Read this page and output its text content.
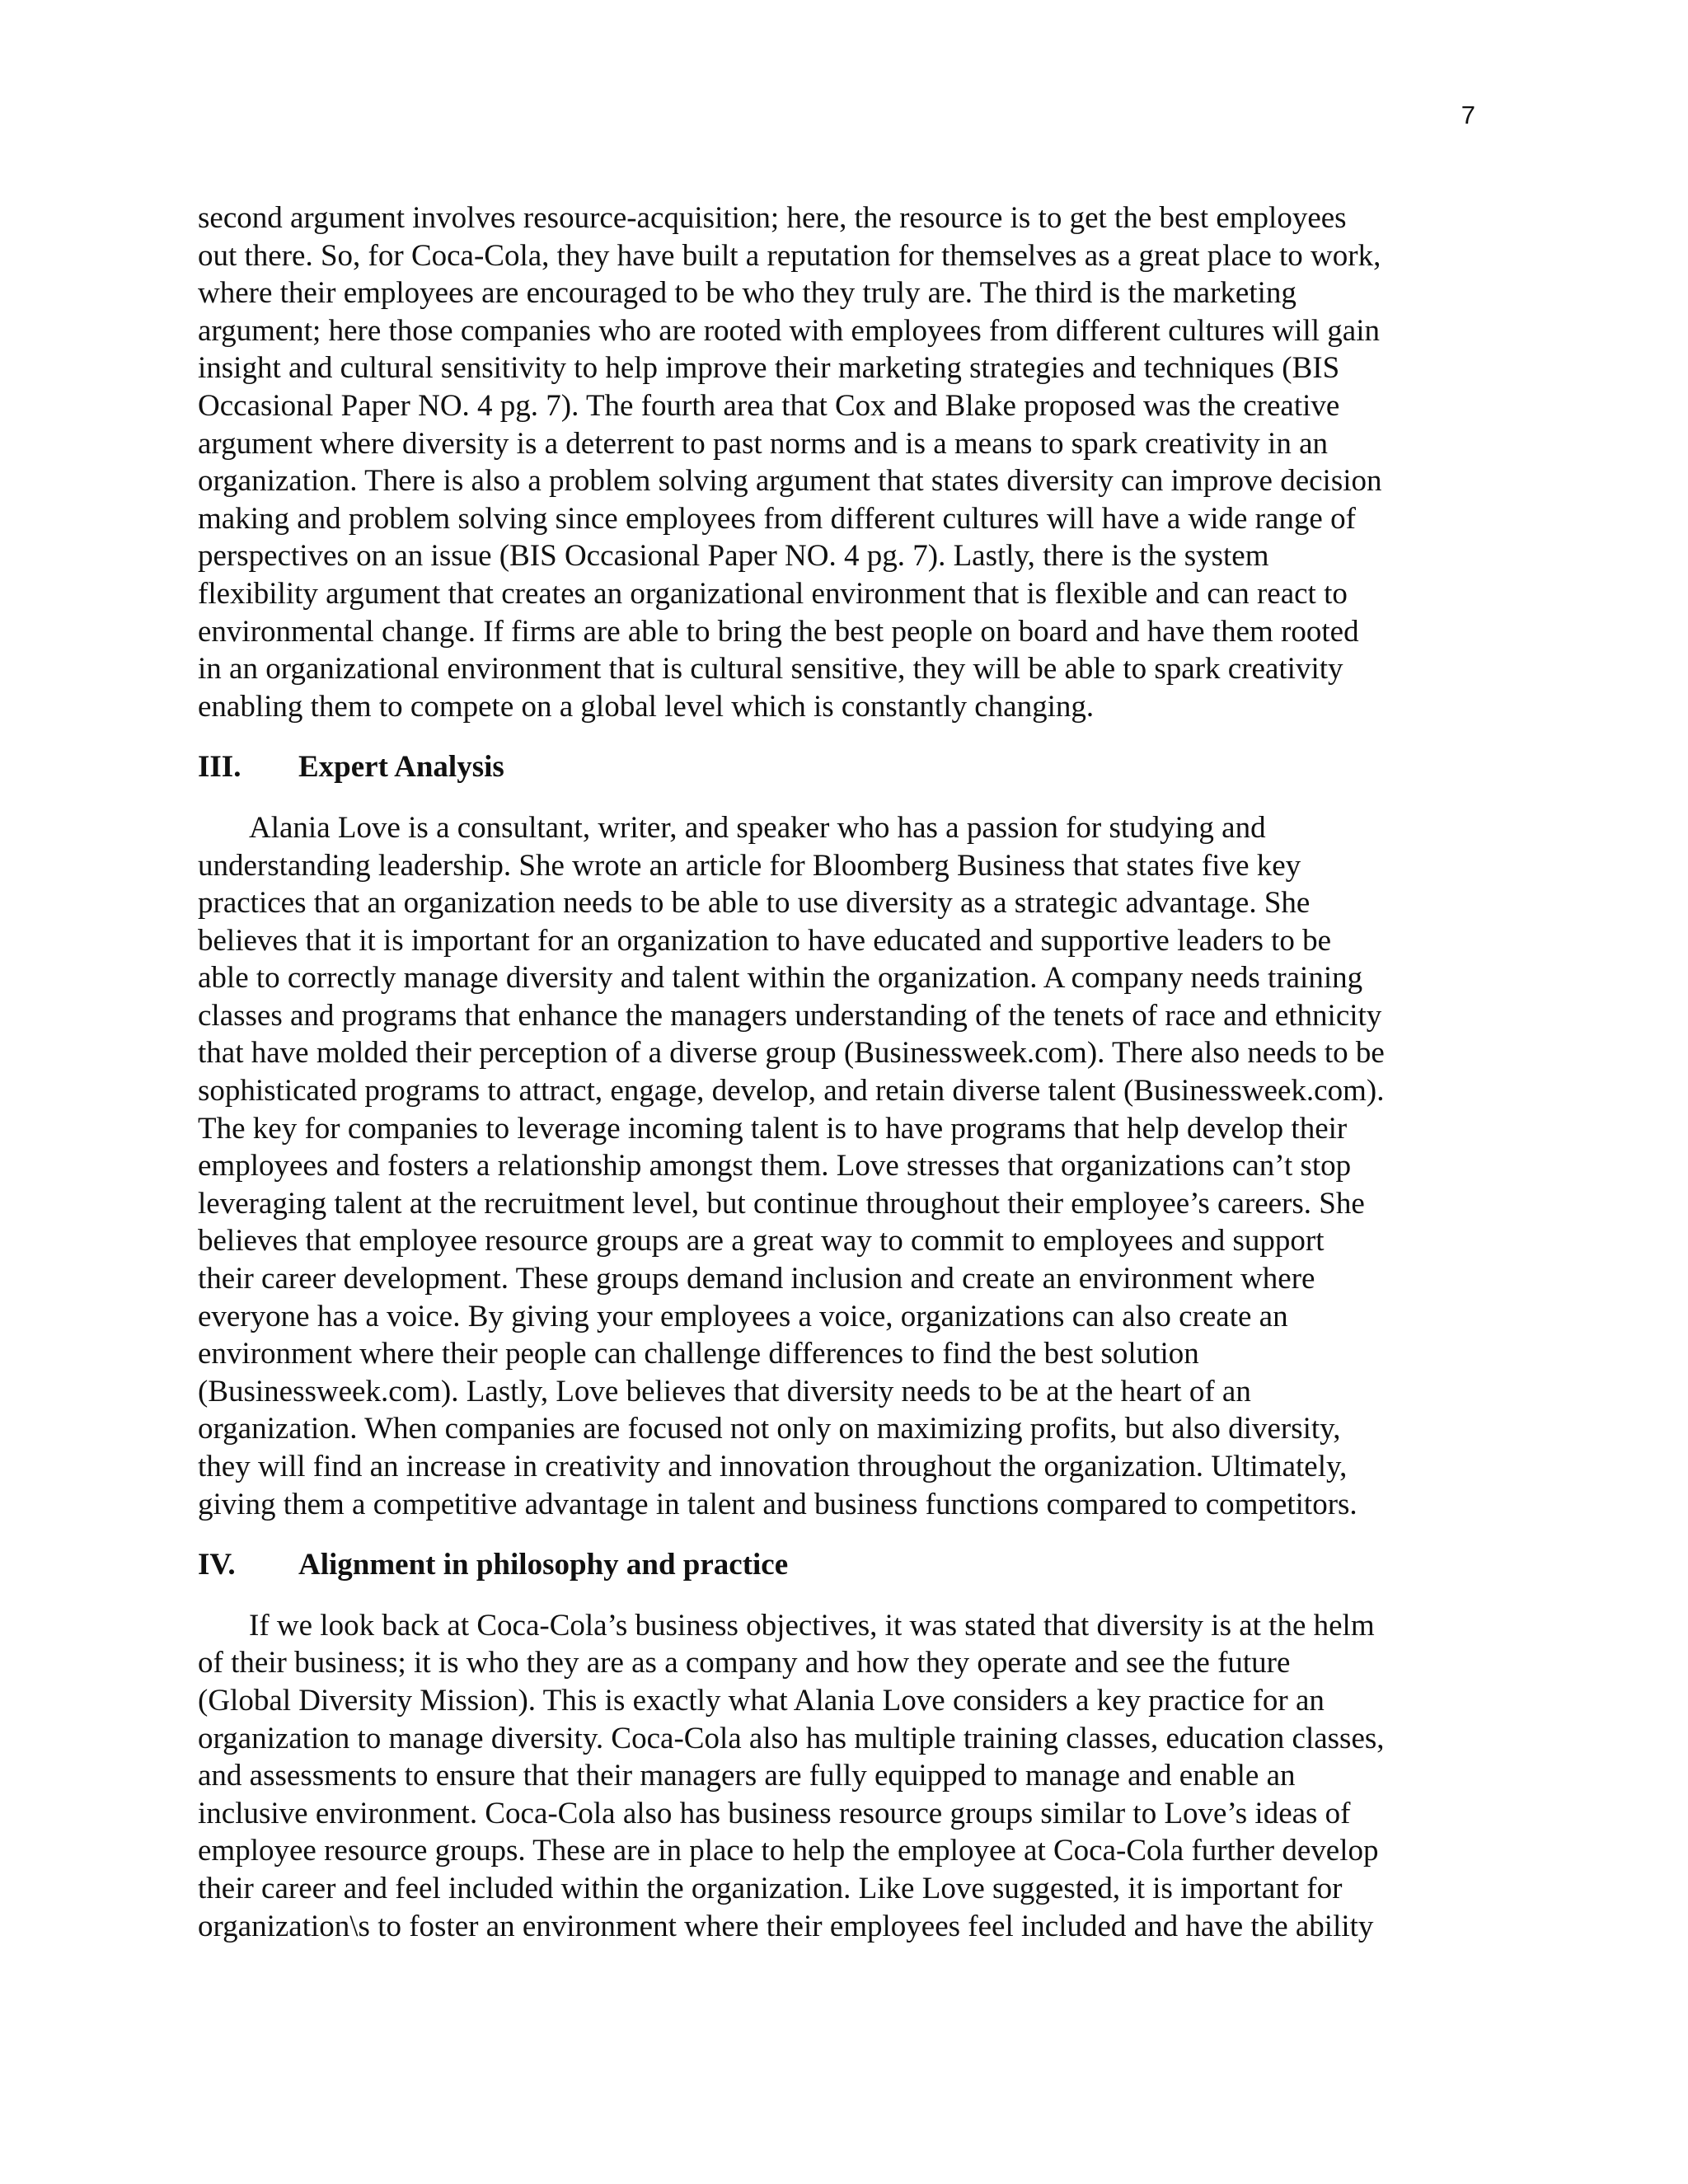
7
second argument involves resource-acquisition; here, the resource is to get the best employees
out there. So, for Coca-Cola, they have built a reputation for themselves as a great place to work,
where their employees are encouraged to be who they truly are. The third is the marketing
argument; here those companies who are rooted with employees from different cultures will gain
insight and cultural sensitivity to help improve their marketing strategies and techniques (BIS
Occasional Paper NO. 4 pg. 7). The fourth area that Cox and Blake proposed was the creative
argument where diversity is a deterrent to past norms and is a means to spark creativity in an
organization. There is also a problem solving argument that states diversity can improve decision
making and problem solving since employees from different cultures will have a wide range of
perspectives on an issue (BIS Occasional Paper NO. 4 pg. 7). Lastly, there is the system
flexibility argument that creates an organizational environment that is flexible and can react to
environmental change. If firms are able to bring the best people on board and have them rooted
in an organizational environment that is cultural sensitive, they will be able to spark creativity
enabling them to compete on a global level which is constantly changing.
III. Expert Analysis
Alania Love is a consultant, writer, and speaker who has a passion for studying and
understanding leadership. She wrote an article for Bloomberg Business that states five key
practices that an organization needs to be able to use diversity as a strategic advantage. She
believes that it is important for an organization to have educated and supportive leaders to be
able to correctly manage diversity and talent within the organization. A company needs training
classes and programs that enhance the managers understanding of the tenets of race and ethnicity
that have molded their perception of a diverse group (Businessweek.com). There also needs to be
sophisticated programs to attract, engage, develop, and retain diverse talent (Businessweek.com).
The key for companies to leverage incoming talent is to have programs that help develop their
employees and fosters a relationship amongst them. Love stresses that organizations can’t stop
leveraging talent at the recruitment level, but continue throughout their employee’s careers. She
believes that employee resource groups are a great way to commit to employees and support
their career development. These groups demand inclusion and create an environment where
everyone has a voice. By giving your employees a voice, organizations can also create an
environment where their people can challenge differences to find the best solution
(Businessweek.com). Lastly, Love believes that diversity needs to be at the heart of an
organization. When companies are focused not only on maximizing profits, but also diversity,
they will find an increase in creativity and innovation throughout the organization. Ultimately,
giving them a competitive advantage in talent and business functions compared to competitors.
IV. Alignment in philosophy and practice
If we look back at Coca-Cola’s business objectives, it was stated that diversity is at the helm
of their business; it is who they are as a company and how they operate and see the future
(Global Diversity Mission). This is exactly what Alania Love considers a key practice for an
organization to manage diversity. Coca-Cola also has multiple training classes, education classes,
and assessments to ensure that their managers are fully equipped to manage and enable an
inclusive environment. Coca-Cola also has business resource groups similar to Love’s ideas of
employee resource groups. These are in place to help the employee at Coca-Cola further develop
their career and feel included within the organization. Like Love suggested, it is important for
organization\s to foster an environment where their employees feel included and have the ability
